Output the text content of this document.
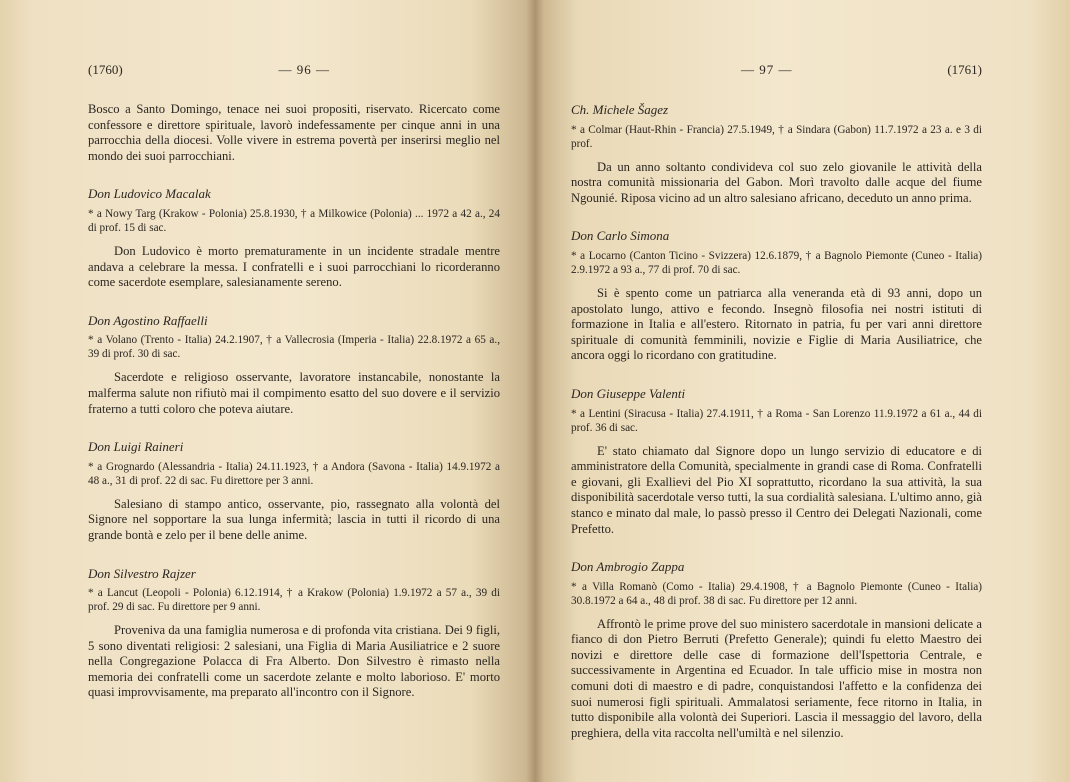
(1760)	— 96 —

Bosco a Santo Domingo, tenace nei suoi propositi, riservato. Ricercato come confessore e direttore spirituale, lavorò indefessamente per cinque anni in una parrocchia della diocesi. Volle vivere in estrema povertà per inserirsi meglio nel mondo dei suoi parrocchiani.

Don Ludovico Macalak
* a Nowy Targ (Krakow - Polonia) 25.8.1930, † a Milkowice (Polonia) ... 1972 a 42 a., 24 di prof. 15 di sac.

Don Ludovico è morto prematuramente in un incidente stradale mentre andava a celebrare la messa. I confratelli e i suoi parrocchiani lo ricorderanno come sacerdote esemplare, salesianamente sereno.

Don Agostino Raffaelli
* a Volano (Trento - Italia) 24.2.1907, † a Vallecrosia (Imperia - Italia) 22.8.1972 a 65 a., 39 di prof. 30 di sac.

Sacerdote e religioso osservante, lavoratore instancabile, nonostante la malferma salute non rifiutò mai il compimento esatto del suo dovere e il servizio fraterno a tutti coloro che poteva aiutare.

Don Luigi Raineri
* a Grognardo (Alessandria - Italia) 24.11.1923, † a Andora (Savona - Italia) 14.9.1972 a 48 a., 31 di prof. 22 di sac. Fu direttore per 3 anni.

Salesiano di stampo antico, osservante, pio, rassegnato alla volontà del Signore nel sopportare la sua lunga infermità; lascia in tutti il ricordo di una grande bontà e zelo per il bene delle anime.

Don Silvestro Rajzer
* a Lancut (Leopoli - Polonia) 6.12.1914, † a Krakow (Polonia) 1.9.1972 a 57 a., 39 di prof. 29 di sac. Fu direttore per 9 anni.

Proveniva da una famiglia numerosa e di profonda vita cristiana. Dei 9 figli, 5 sono diventati religiosi: 2 salesiani, una Figlia di Maria Ausiliatrice e 2 suore nella Congregazione Polacca di Fra Alberto. Don Silvestro è rimasto nella memoria dei confratelli come un sacerdote zelante e molto laborioso. E' morto quasi improvvisamente, ma preparato all'incontro con il Signore.

— 97 —	(1761)
Ch. Michele Šagez
* a Colmar (Haut-Rhin - Francia) 27.5.1949, † a Sindara (Gabon) 11.7.1972 a 23 a. e 3 di prof.

Da un anno soltanto condivideva col suo zelo giovanile le attività della nostra comunità missionaria del Gabon. Morì travolto dalle acque del fiume Ngounié. Riposa vicino ad un altro salesiano africano, deceduto un anno prima.

Don Carlo Simona
* a Locarno (Canton Ticino - Svizzera) 12.6.1879, † a Bagnolo Piemonte (Cuneo - Italia) 2.9.1972 a 93 a., 77 di prof. 70 di sac.

Si è spento come un patriarca alla veneranda età di 93 anni, dopo un apostolato lungo, attivo e fecondo. Insegnò filosofia nei nostri istituti di formazione in Italia e all'estero. Ritornato in patria, fu per vari anni direttore spirituale di comunità femminili, novizie e Figlie di Maria Ausiliatrice, che ancora oggi lo ricordano con gratitudine.

Don Giuseppe Valenti
* a Lentini (Siracusa - Italia) 27.4.1911, † a Roma - San Lorenzo 11.9.1972 a 61 a., 44 di prof. 36 di sac.

E' stato chiamato dal Signore dopo un lungo servizio di educatore e di amministratore della Comunità, specialmente in grandi case di Roma. Confratelli e giovani, gli Exallievi del Pio XI soprattutto, ricordano la sua attività, la sua disponibilità sacerdotale verso tutti, la sua cordialità salesiana. L'ultimo anno, già stanco e minato dal male, lo passò presso il Centro dei Delegati Nazionali, come Prefetto.

Don Ambrogio Zappa
* a Villa Romanò (Como - Italia) 29.4.1908, † a Bagnolo Piemonte (Cuneo - Italia) 30.8.1972 a 64 a., 48 di prof. 38 di sac. Fu direttore per 12 anni.

Affrontò le prime prove del suo ministero sacerdotale in mansioni delicate a fianco di don Pietro Berruti (Prefetto Generale); quindi fu eletto Maestro dei novizi e direttore delle case di formazione dell'Ispettoria Centrale, e successivamente in Argentina ed Ecuador. In tale ufficio mise in mostra non comuni doti di maestro e di padre, conquistandosi l'affetto e la confidenza dei suoi numerosi figli spirituali. Ammalatosi seriamente, fece ritorno in Italia, in tutto disponibile alla volontà dei Superiori. Lascia il messaggio del lavoro, della preghiera, della vita raccolta nell'umiltà e nel silenzio.
